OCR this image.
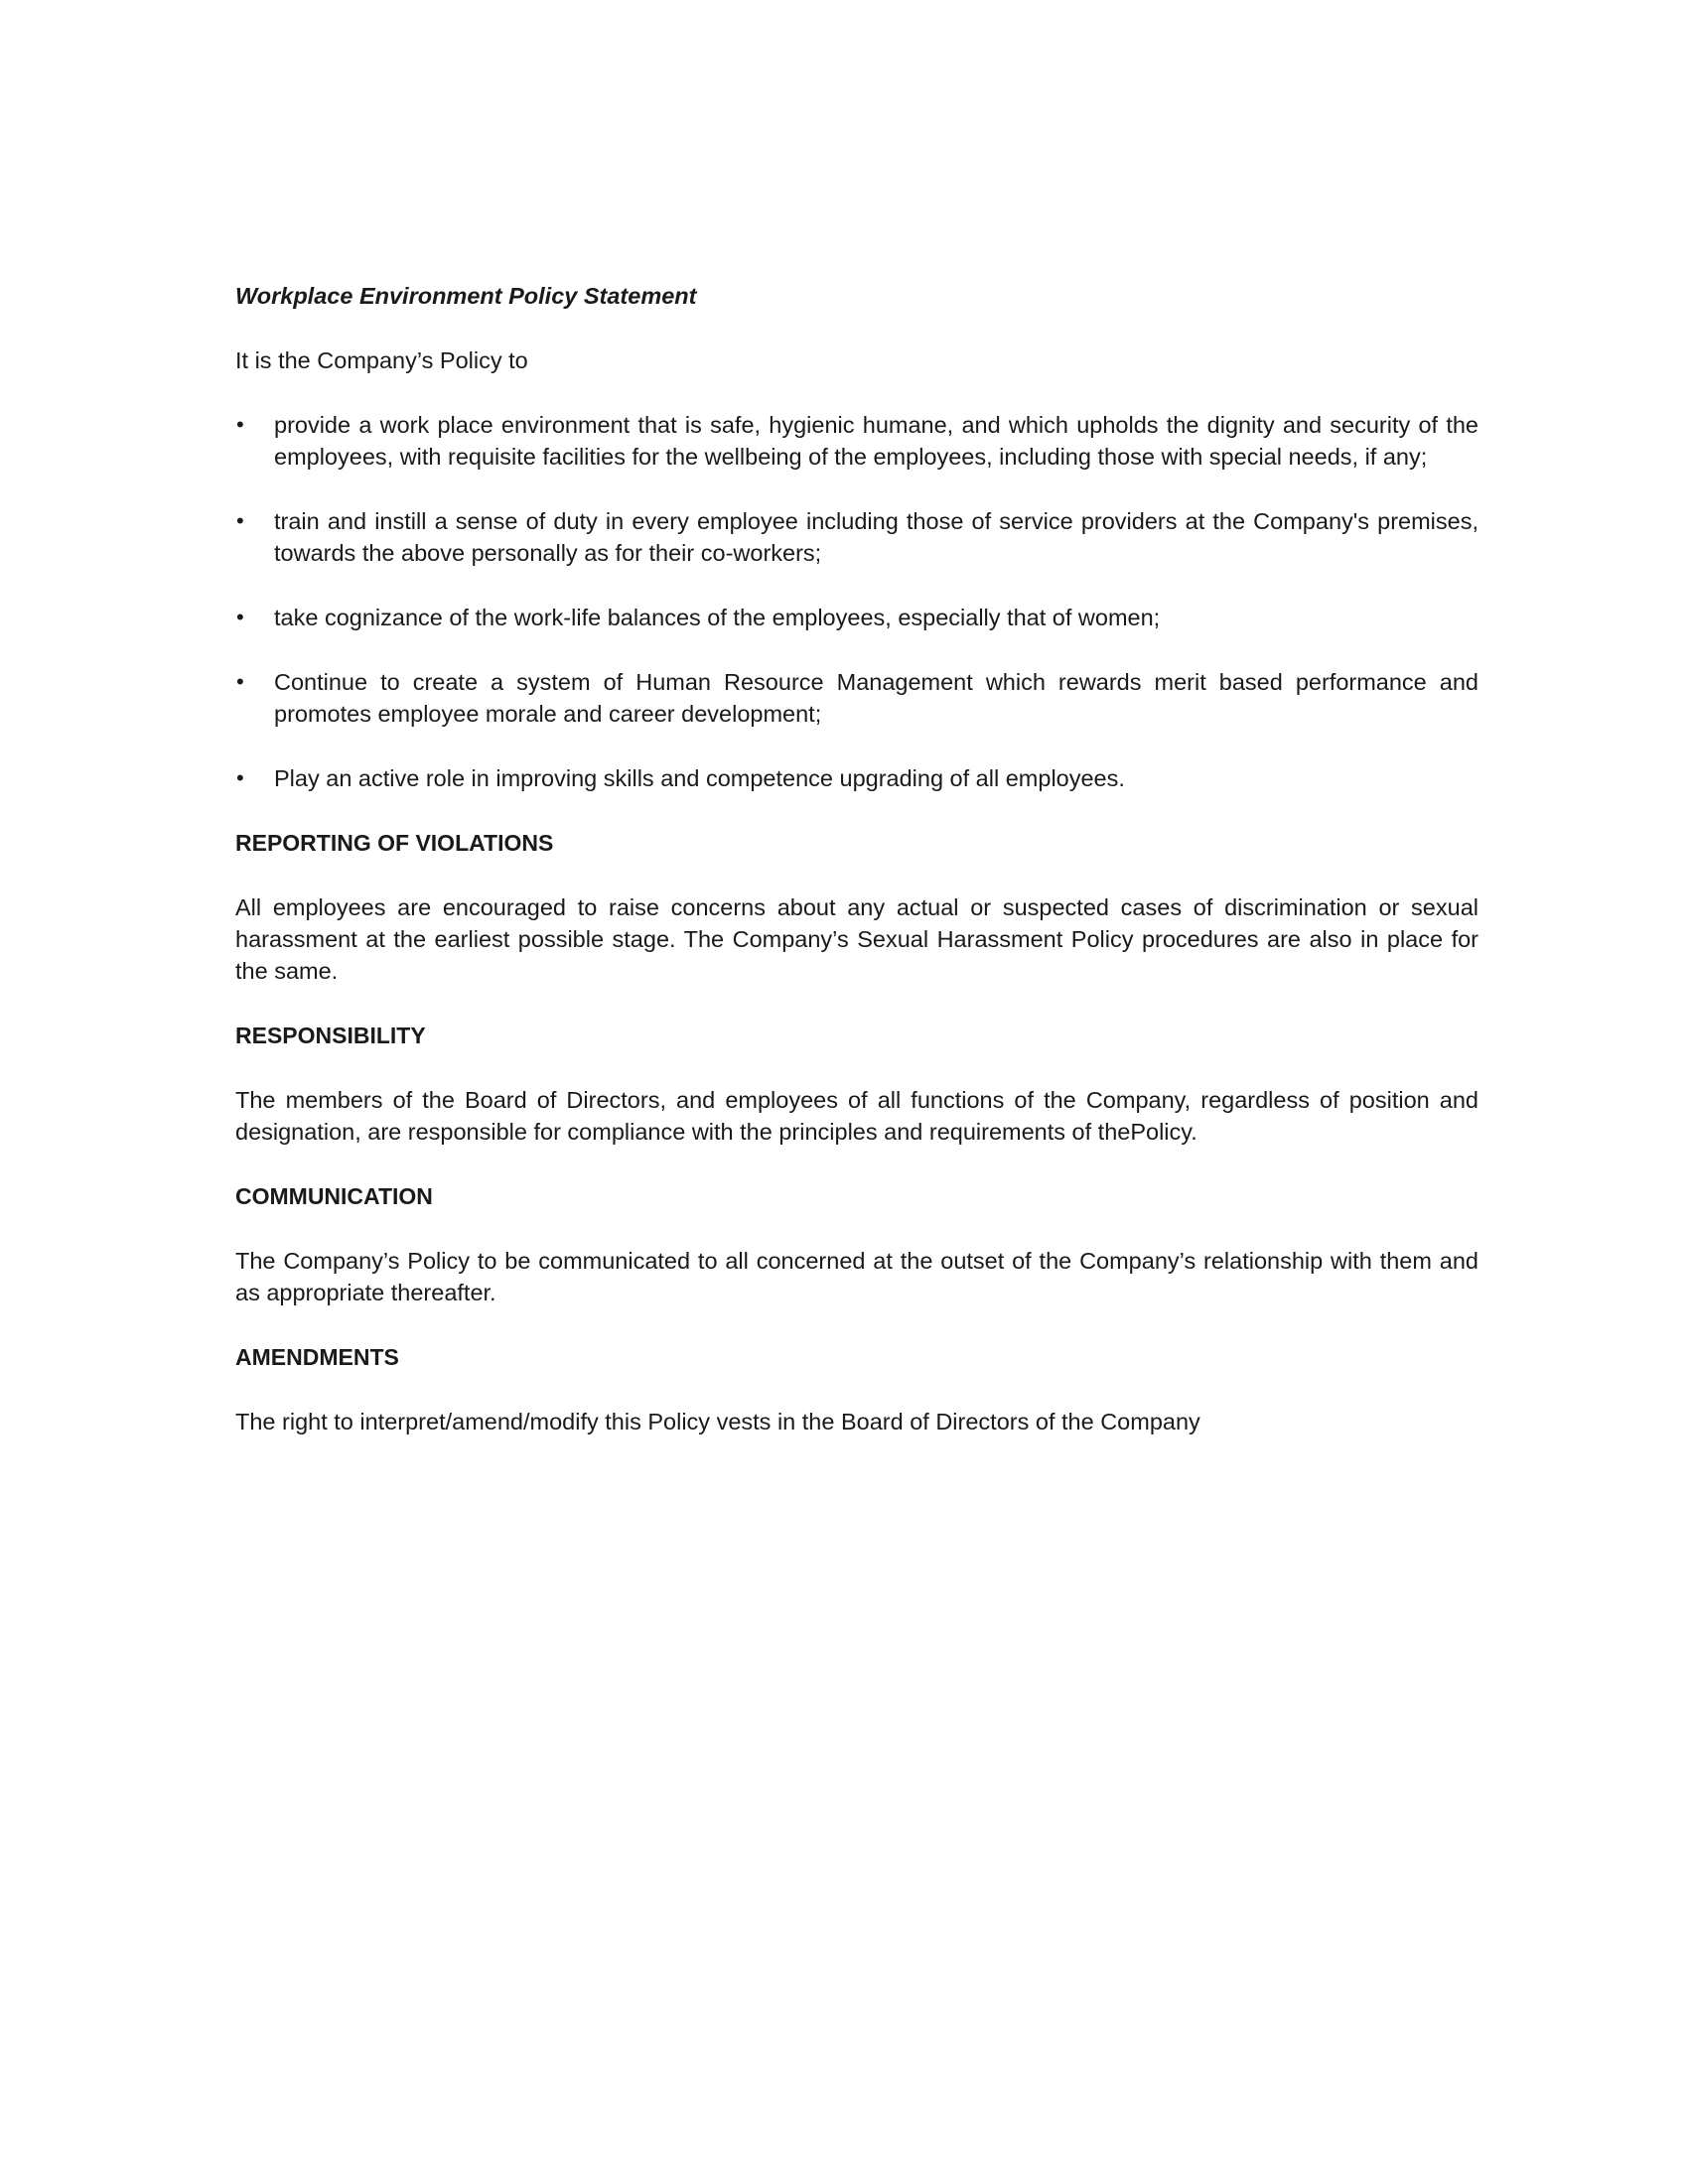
Workplace Environment Policy Statement
It is the Company’s Policy to
•	provide a work place environment that is safe, hygienic humane, and which upholds the dignity and security of the employees, with requisite facilities for the wellbeing of the employees, including those with special needs, if any;
•	train and instill a sense of duty in every employee including those of service providers at the Company's premises, towards the above personally as for their co-workers;
•	take cognizance of the work-life balances of the employees, especially that of women;
•	Continue to create a system of Human Resource Management which rewards merit based performance and promotes employee morale and career development;
•	Play an active role in improving skills and competence upgrading of all employees.
REPORTING OF VIOLATIONS

All employees are encouraged to raise concerns about any actual or suspected cases of discrimination or sexual harassment at the earliest possible stage. The Company’s Sexual Harassment Policy procedures are also in place for the same.

RESPONSIBILITY

The members of the Board of Directors, and employees of all functions of the Company, regardless of position and designation, are responsible for compliance with the principles and requirements of thePolicy.

COMMUNICATION

The Company’s Policy to be communicated to all concerned at the outset of the Company’s relationship with them and as appropriate thereafter.

AMENDMENTS

The right to interpret/amend/modify this Policy vests in the Board of Directors of the Company
